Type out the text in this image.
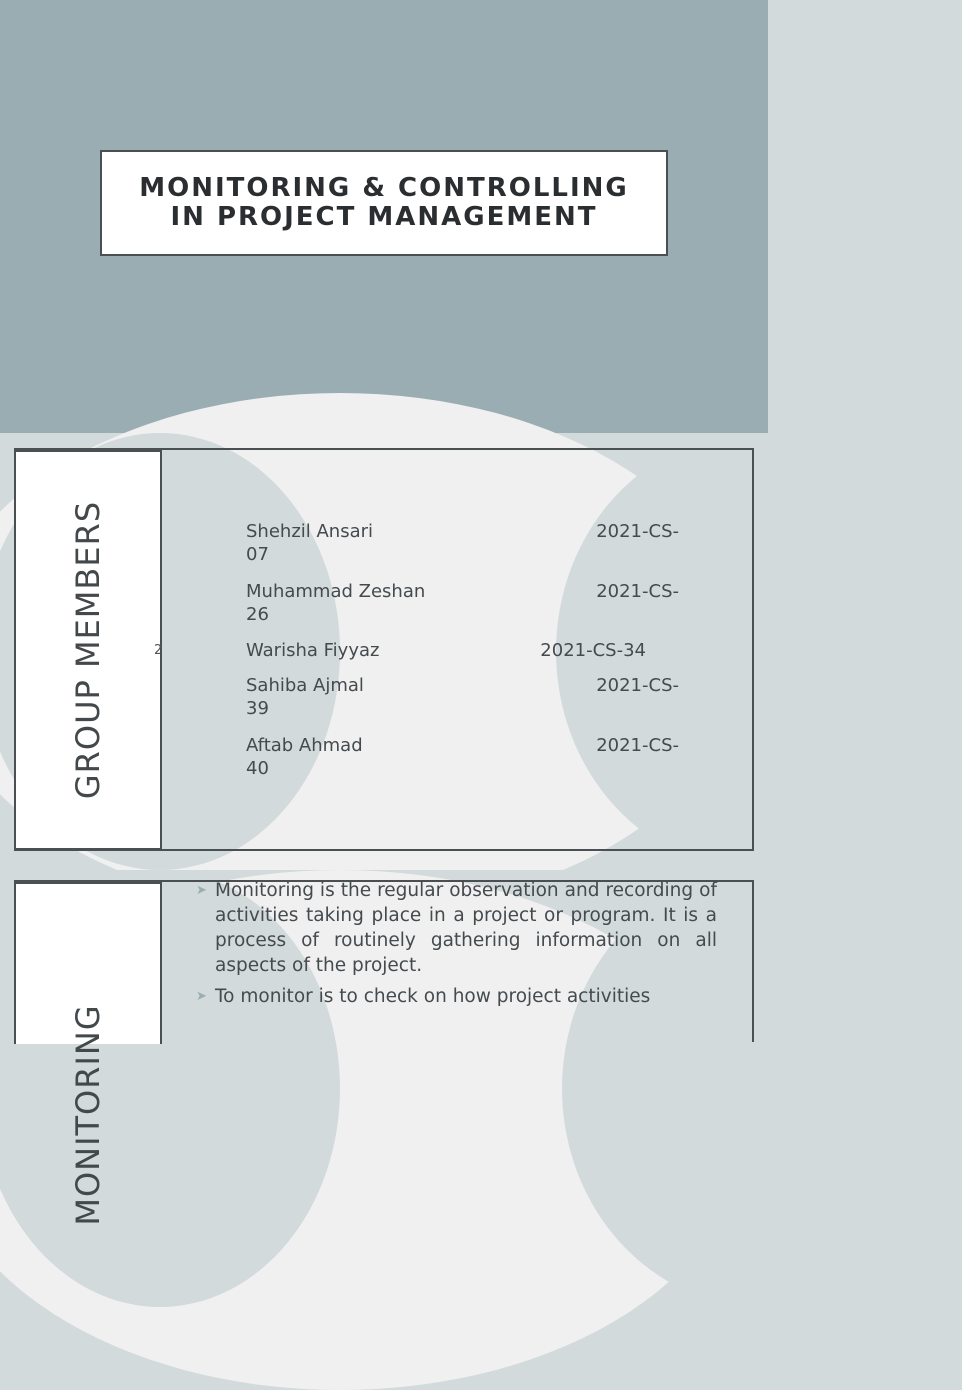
MONITORING & CONTROLLING
IN PROJECT MANAGEMENT
GROUP MEMBERS	2

Shehzil Ansari

	2021-CS-

07

Muhammad Zeshan

	2021-CS-

26

Warisha Fiyyaz

	2021-CS-34

Sahiba Ajmal

	2021-CS-

39

Aftab Ahmad

	2021-CS-

40

MONITORING
➤ Monitoring is the regular observation and recording of activities taking place in a project or program. It is a process of routinely gathering information on all aspects of the project.
➤ To monitor is to check on how project activities
